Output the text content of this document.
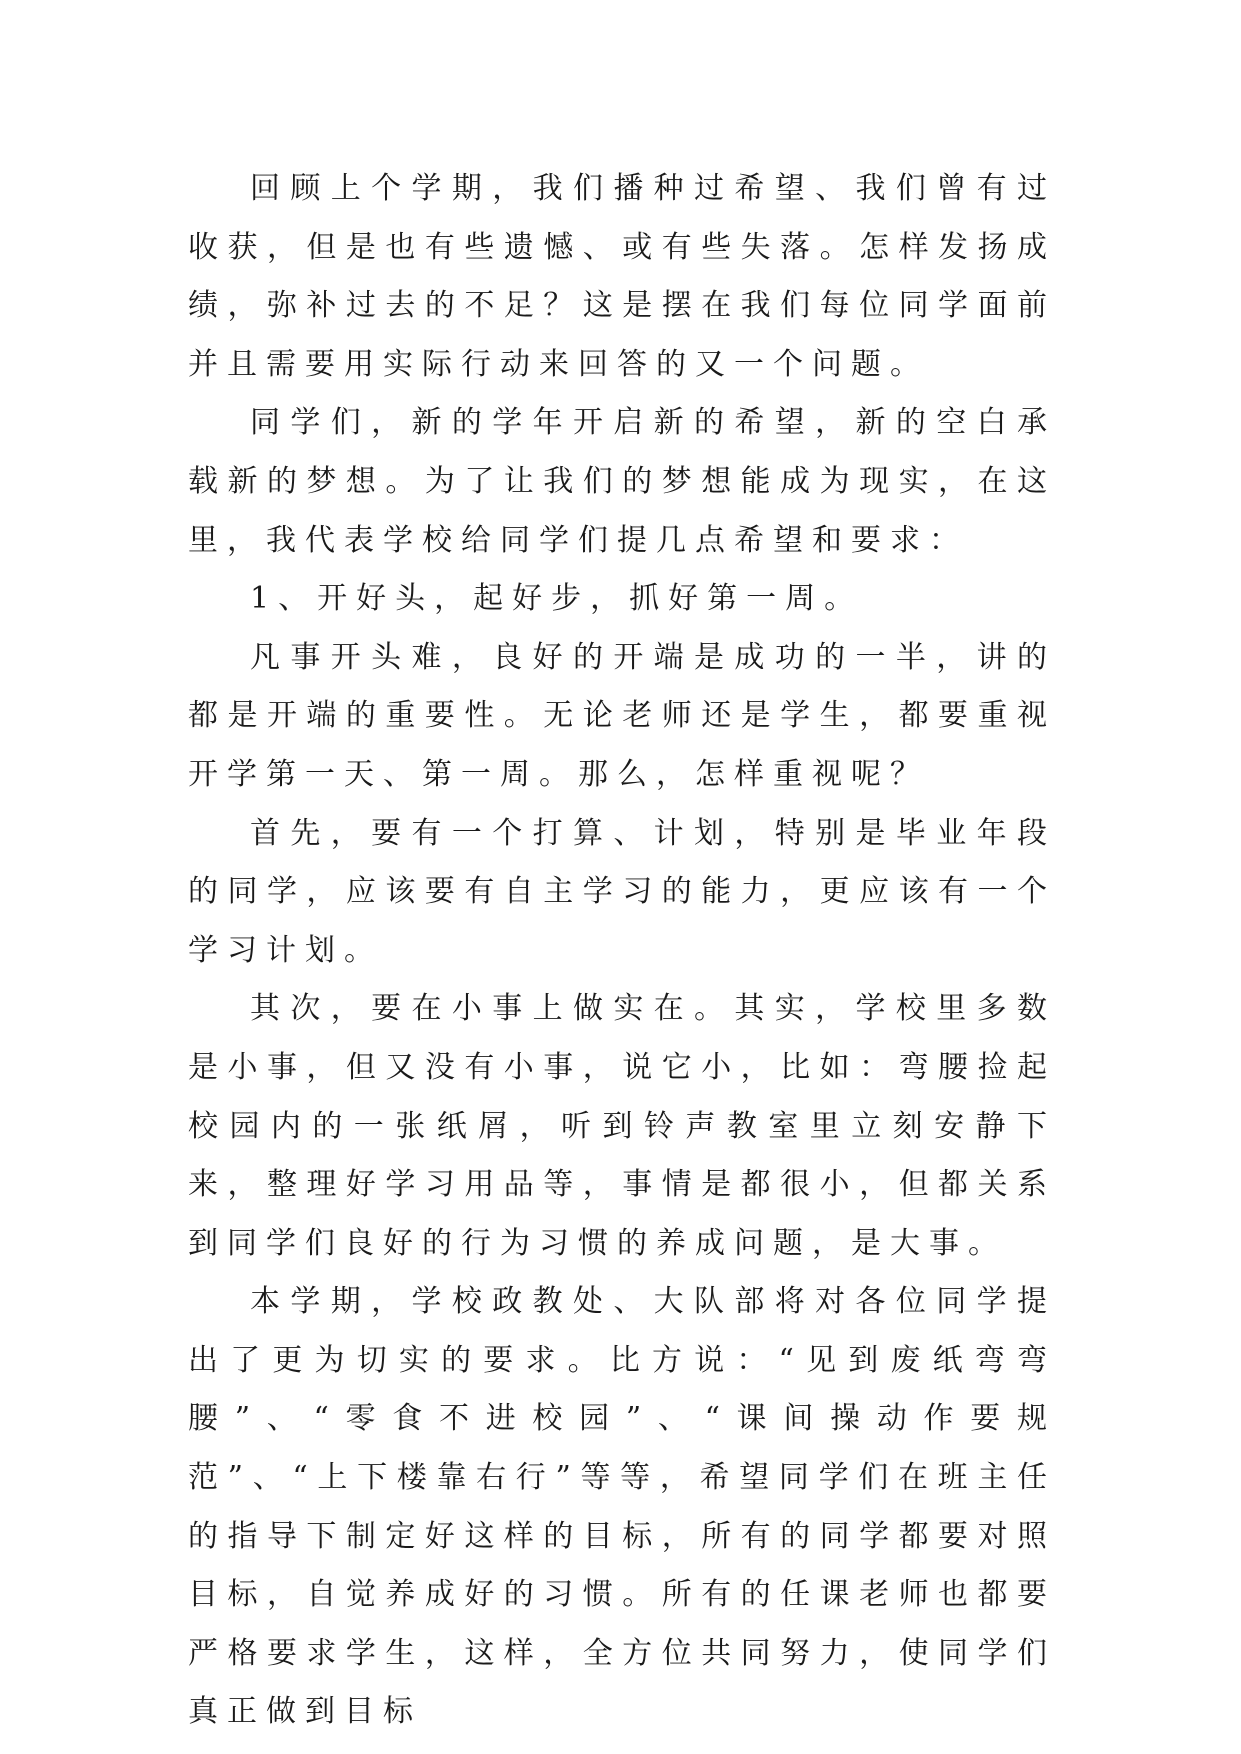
回顾上个学期，我们播种过希望、我们曾有过收获，但是也有些遗憾、或有些失落。怎样发扬成绩，弥补过去的不足？这是摆在我们每位同学面前并且需要用实际行动来回答的又一个问题。

同学们，新的学年开启新的希望，新的空白承载新的梦想。为了让我们的梦想能成为现实，在这里，我代表学校给同学们提几点希望和要求：

1、开好头，起好步，抓好第一周。

凡事开头难，良好的开端是成功的一半，讲的都是开端的重要性。无论老师还是学生，都要重视开学第一天、第一周。那么，怎样重视呢？

首先，要有一个打算、计划，特别是毕业年段的同学，应该要有自主学习的能力，更应该有一个学习计划。

其次，要在小事上做实在。其实，学校里多数是小事，但又没有小事，说它小，比如：弯腰捡起校园内的一张纸屑，听到铃声教室里立刻安静下来，整理好学习用品等，事情是都很小，但都关系到同学们良好的行为习惯的养成问题，是大事。

本学期，学校政教处、大队部将对各位同学提出了更为切实的要求。比方说：“见到废纸弯弯腰”、“零食不进校园”、“课间操动作要规范”、“上下楼靠右行”等等，希望同学们在班主任的指导下制定好这样的目标，所有的同学都要对照目标，自觉养成好的习惯。所有的任课老师也都要严格要求学生，这样，全方位共同努力，使同学们真正做到目标
